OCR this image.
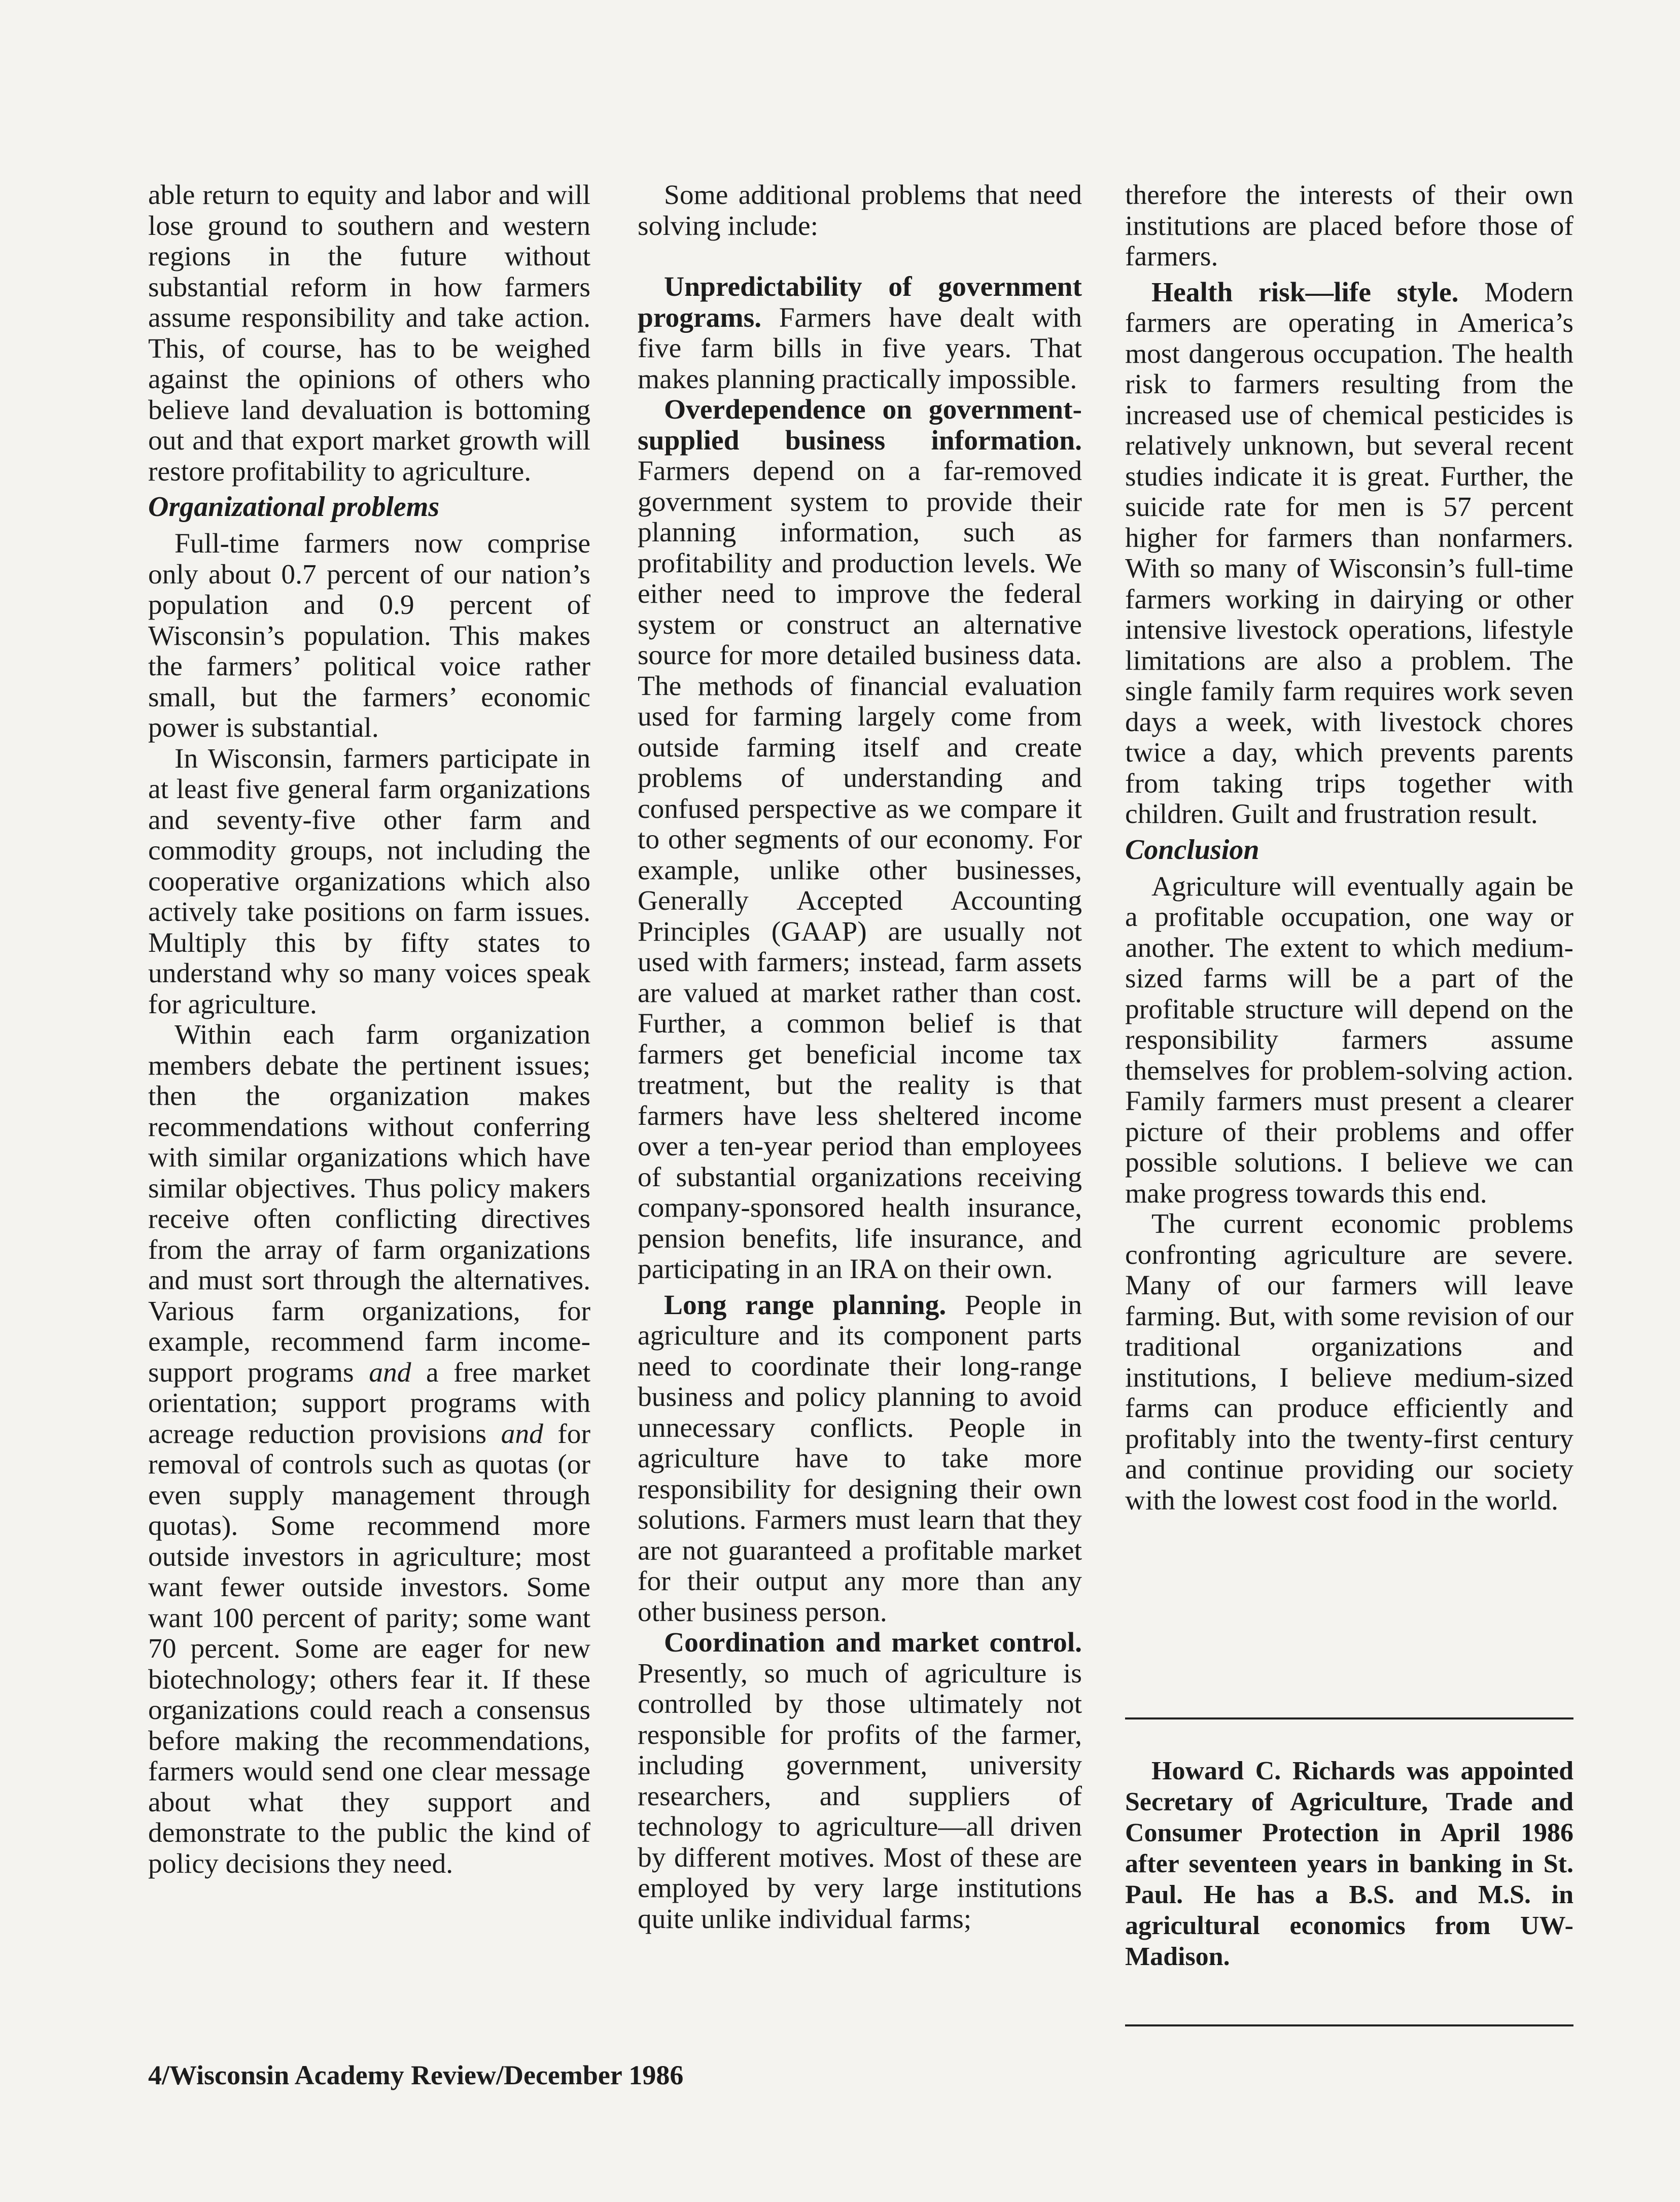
able return to equity and labor and will lose ground to southern and western regions in the future without substantial reform in how farmers assume responsibility and take action. This, of course, has to be weighed against the opinions of others who believe land devaluation is bottoming out and that export market growth will restore profitability to agriculture.

Organizational problems

Full-time farmers now comprise only about 0.7 percent of our nation’s population and 0.9 percent of Wisconsin’s population. This makes the farmers’ political voice rather small, but the farmers’ economic power is substantial.

In Wisconsin, farmers participate in at least five general farm organizations and seventy-five other farm and commodity groups, not including the cooperative organizations which also actively take positions on farm issues. Multiply this by fifty states to understand why so many voices speak for agriculture.

Within each farm organization members debate the pertinent issues; then the organization makes recommendations without conferring with similar organizations which have similar objectives. Thus policy makers receive often conflicting directives from the array of farm organizations and must sort through the alternatives. Various farm organizations, for example, recommend farm income-support programs and a free market orientation; support programs with acreage reduction provisions and for removal of controls such as quotas (or even supply management through quotas). Some recommend more outside investors in agriculture; most want fewer outside investors. Some want 100 percent of parity; some want 70 percent. Some are eager for new biotechnology; others fear it. If these organizations could reach a consensus before making the recommendations, farmers would send one clear message about what they support and demonstrate to the public the kind of policy decisions they need.

Some additional problems that need solving include:

Unpredictability of government programs. Farmers have dealt with five farm bills in five years. That makes planning practically impossible.

Overdependence on government-supplied business information. Farmers depend on a far-removed government system to provide their planning information, such as profitability and production levels. We either need to improve the federal system or construct an alternative source for more detailed business data. The methods of financial evaluation used for farming largely come from outside farming itself and create problems of understanding and confused perspective as we compare it to other segments of our economy. For example, unlike other businesses, Generally Accepted Accounting Principles (GAAP) are usually not used with farmers; instead, farm assets are valued at market rather than cost. Further, a common belief is that farmers get beneficial income tax treatment, but the reality is that farmers have less sheltered income over a ten-year period than employees of substantial organizations receiving company-sponsored health insurance, pension benefits, life insurance, and participating in an IRA on their own.

Long range planning. People in agriculture and its component parts need to coordinate their long-range business and policy planning to avoid unnecessary conflicts. People in agriculture have to take more responsibility for designing their own solutions. Farmers must learn that they are not guaranteed a profitable market for their output any more than any other business person.

Coordination and market control. Presently, so much of agriculture is controlled by those ultimately not responsible for profits of the farmer, including government, university researchers, and suppliers of technology to agriculture—all driven by different motives. Most of these are employed by very large institutions quite unlike individual farms;

therefore the interests of their own institutions are placed before those of farmers.

Health risk—life style. Modern farmers are operating in America’s most dangerous occupation. The health risk to farmers resulting from the increased use of chemical pesticides is relatively unknown, but several recent studies indicate it is great. Further, the suicide rate for men is 57 percent higher for farmers than nonfarmers. With so many of Wisconsin’s full-time farmers working in dairying or other intensive livestock operations, lifestyle limitations are also a problem. The single family farm requires work seven days a week, with livestock chores twice a day, which prevents parents from taking trips together with children. Guilt and frustration result.

Conclusion

Agriculture will eventually again be a profitable occupation, one way or another. The extent to which medium-sized farms will be a part of the profitable structure will depend on the responsibility farmers assume themselves for problem-solving action. Family farmers must present a clearer picture of their problems and offer possible solutions. I believe we can make progress towards this end.

The current economic problems confronting agriculture are severe. Many of our farmers will leave farming. But, with some revision of our traditional organizations and institutions, I believe medium-sized farms can produce efficiently and profitably into the twenty-first century and continue providing our society with the lowest cost food in the world.

Howard C. Richards was appointed Secretary of Agriculture, Trade and Consumer Protection in April 1986 after seventeen years in banking in St. Paul. He has a B.S. and M.S. in agricultural economics from UW-Madison.

4/Wisconsin Academy Review/December 1986
